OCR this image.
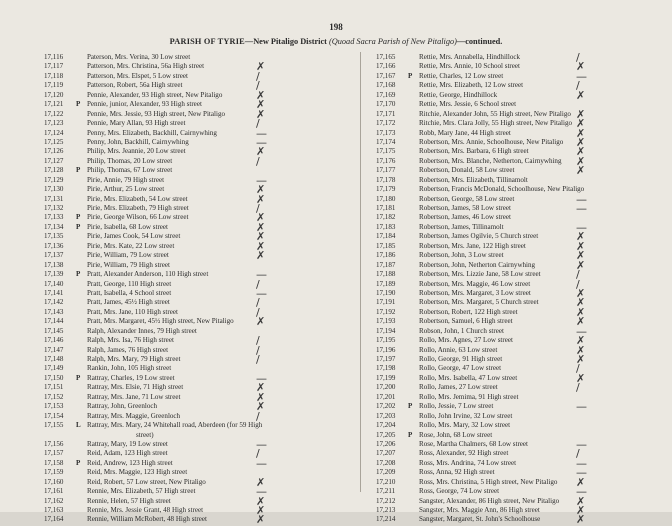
198
PARISH OF TYRIE—New Pitaligo District (Quoad Sacra Parish of New Pitaligo)—continued.
17,116	Paterson, Mrs. Verina, 30 Low street
17,117	Patterson, Mrs. Christina, 56a High street	✗
17,118	Patterson, Mrs. Elspet, 5 Low street	/
17,119	Patterson, Robert, 56a High street	/
17,120	Pennie, Alexander, 93 High street, New Pitaligo	✗
17,121	P Pennie, junior, Alexander, 93 High street	✗
17,122	Pennie, Mrs. Jessie, 93 High street, New Pitaligo	✗
17,123	Pennie, Mary Allan, 93 High street	/
17,124	Penny, Mrs. Elizabeth, Backhill, Cairnywhing	—
17,125	Penny, John, Backhill, Cairnywhing	—
17,126	Philip, Mrs. Jeannie, 20 Low street	✗
17,127	Philip, Thomas, 20 Low street	/
17,128	P Philip, Thomas, 67 Low street
17,129	Pirie, Annie, 79 High street	—
17,130	Pirie, Arthur, 25 Low street	✗
17,131	Pirie, Mrs. Elizabeth, 54 Low street	✗
17,132	Pirie, Mrs. Elizabeth, 79 High street	/
17,133	P Pirie, George Wilson, 66 Low street	✗
17,134	P Pirie, Isabella, 68 Low street	✗
17,135	Pirie, James Cook, 54 Low street	✗
17,136	Pirie, Mrs. Kate, 22 Low street	✗
17,137	Pirie, William, 79 Low street	✗
17,138	Pirie, William, 79 High street
17,139	P Pratt, Alexander Anderson, 110 High street	—
17,140	Pratt, George, 110 High street	/
17,141	Pratt, Isabella, 4 School street	—
17,142	Pratt, James, 45½ High street	/
17,143	Pratt, Mrs. Jane, 110 High street	/
17,144	Pratt, Mrs. Margaret, 45½ High street, New Pitaligo ✗
17,145	Ralph, Alexander Innes, 79 High street
17,146	Ralph, Mrs. Isa, 76 High street	/
17,147	Ralph, James, 76 High street	/
17,148	Ralph, Mrs. Mary, 79 High street	/
17,149	Rankin, John, 105 High street
17,150	P Rattray, Charles, 19 Low street	—
17,151	Rattray, Mrs. Elsie, 71 High street	✗
17,152	Rattray, Mrs. Jane, 71 Low street	✗
17,153	Rattray, John, Greenloch	✗
17,154	Rattray, Mrs. Maggie, Greenloch	/
17,155	L Rattray, Mrs. Mary, 24 Whitehall road, Aberdeen (for 59 High
street)
17,156	Rattray, Mary, 19 Low street	—
17,157	Reid, Adam, 123 High street	/
17,158	P Reid, Andrew, 123 High street	—
17,159	Reid, Mrs. Maggie, 123 High street
17,160	Reid, Robert, 57 Low street, New Pitaligo	✗
17,161	Rennie, Mrs. Elizabeth, 57 High street	—
17,162	Rennie, Helen, 57 High street	✗
17,163	Rennie, Mrs. Jessie Grant, 48 High street	✗
17,164	Rennie, William McRobert, 48 High street	✗
17,165	Rettie, Mrs. Annabella, Hindhillock	/
17,166	Rettie, Mrs. Annie, 10 School street	✗
17,167	P Rettie, Charles, 12 Low street	—
17,168	Rettie, Mrs. Elizabeth, 12 Low street	/
17,169	Rettie, George, Hindhillock	✗
17,170	Rettie, Mrs. Jessie, 6 School street
17,171	Ritchie, Alexander John, 55 High street, New Pitaligo ✗
17,172	Ritchie, Mrs. Clara Jolly, 55 High street, New Pitaligo ✗
17,173	Robb, Mary Jane, 44 High street	✗
17,174	Robertson, Mrs. Annie, Schoolhouse, New Pitaligo ✗
17,175	Robertson, Mrs. Barbara, 6 High street	✗
17,176	Robertson, Mrs. Blanche, Netherton, Cairnywhing ✗
17,177	Robertson, Donald, 58 Low street	✗
17,178	Robertson, Mrs. Elizabeth, Tillinamolt
17,179	Robertson, Francis McDonald, Schoolhouse, New Pitaligo
17,180	Robertson, George, 58 Low street	—
17,181	Robertson, James, 58 Low street	—
17,182	Robertson, James, 46 Low street
17,183	Robertson, James, Tillinamolt	—
17,184	Robertson, James Ogilvie, 5 Church street	✗
17,185	Robertson, Mrs. Jane, 122 High street	✗
17,186	Robertson, John, 3 Low street	✗
17,187	Robertson, John, Netherton Cairnywhing	✗
17,188	Robertson, Mrs. Lizzie Jane, 58 Low street	/
17,189	Robertson, Mrs. Maggie, 46 Low street	/
17,190	Robertson, Mrs. Margaret, 3 Low street	✗
17,191	Robertson, Mrs. Margaret, 5 Church street	✗
17,192	Robertson, Robert, 122 High street	✗
17,193	Robertson, Samuel, 6 High street	✗
17,194	Robson, John, 1 Church street	—
17,195	Rollo, Mrs. Agnes, 27 Low street	✗
17,196	Rollo, Annie, 63 Low street	✗
17,197	Rollo, George, 91 High street	✗
17,198	Rollo, George, 47 Low street	/
17,199	Rollo, Mrs. Isabella, 47 Low street	✗
17,200	Rollo, James, 27 Low street	/
17,201	Rollo, Mrs. Jemima, 91 High street
17,202	P Rollo, Jessie, 7 Low street	—
17,203	Rollo, John Irvine, 32 Low street
17,204	Rollo, Mrs. Mary, 32 Low street
17,205	P Rose, John, 68 Low street
17,206	Rose, Martha Chalmers, 68 Low street	—
17,207	Ross, Alexander, 92 High street	/
17,208	Ross, Mrs. Andrina, 74 Low street	—
17,209	Ross, Anna, 92 High street	—
17,210	Ross, Mrs. Christina, 5 High street, New Pitaligo ✗
17,211	Ross, George, 74 Low street	—
17,212	Sangster, Alexander, 86 High street, New Pitaligo ✗
17,213	Sangster, Mrs. Maggie Ann, 86 High street	✗
17,214	Sangster, Margaret, St. John's Schoolhouse	✗
